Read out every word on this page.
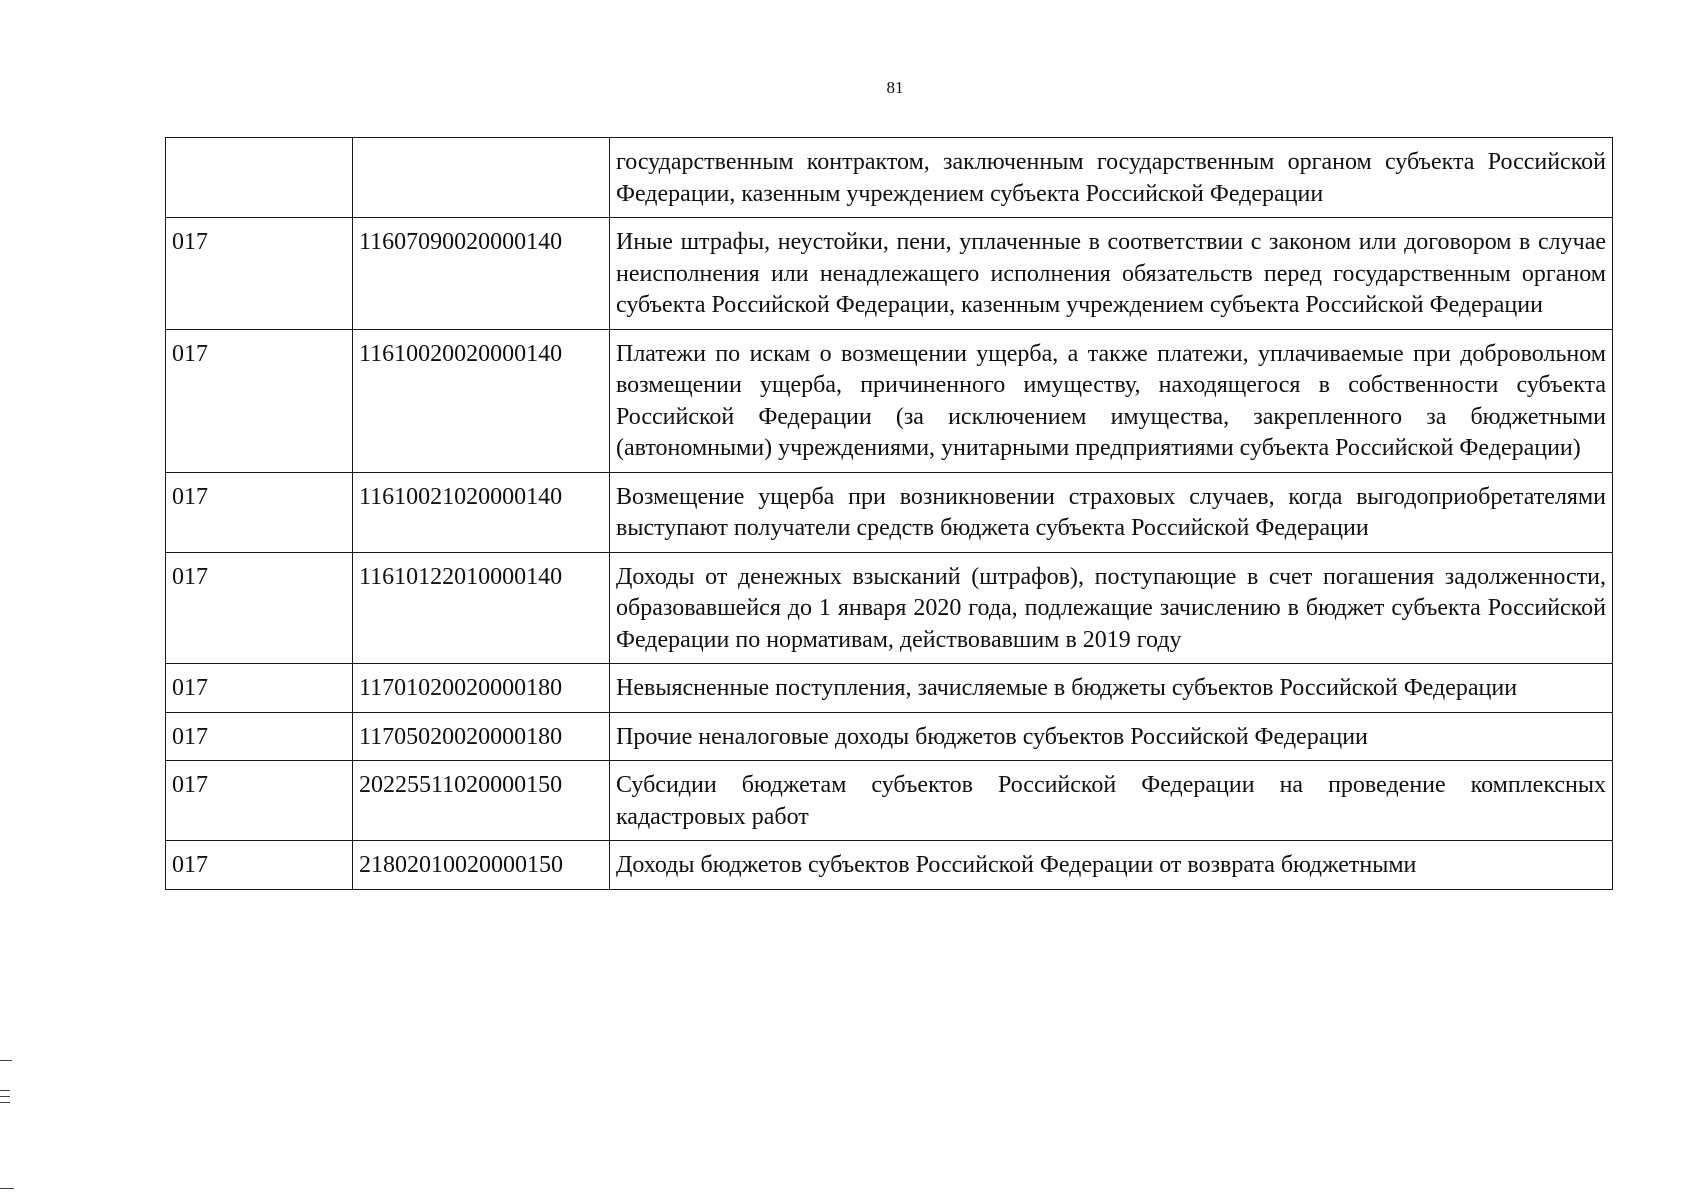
81
		государственным контрактом, заключенным государственным органом субъекта Российской Федерации, казенным учреждением субъекта Российской Федерации
017	11607090020000140	Иные штрафы, неустойки, пени, уплаченные в соответствии с законом или договором в случае неисполнения или ненадлежащего исполнения обязательств перед государственным органом субъекта Российской Федерации, казенным учреждением субъекта Российской Федерации
017	11610020020000140	Платежи по искам о возмещении ущерба, а также платежи, уплачиваемые при добровольном возмещении ущерба, причиненного имуществу, находящегося в собственности субъекта Российской Федерации (за исключением имущества, закрепленного за бюджетными (автономными) учреждениями, унитарными предприятиями субъекта Российской Федерации)
017	11610021020000140	Возмещение ущерба при возникновении страховых случаев, когда выгодоприобретателями выступают получатели средств бюджета субъекта Российской Федерации
017	11610122010000140	Доходы от денежных взысканий (штрафов), поступающие в счет погашения задолженности, образовавшейся до 1 января 2020 года, подлежащие зачислению в бюджет субъекта Российской Федерации по нормативам, действовавшим в 2019 году
017	11701020020000180	Невыясненные поступления, зачисляемые в бюджеты субъектов Российской Федерации
017	11705020020000180	Прочие неналоговые доходы бюджетов субъектов Российской Федерации
017	20225511020000150	Субсидии бюджетам субъектов Российской Федерации на проведение комплексных кадастровых работ
017	21802010020000150	Доходы бюджетов субъектов Российской Федерации от возврата бюджетными
